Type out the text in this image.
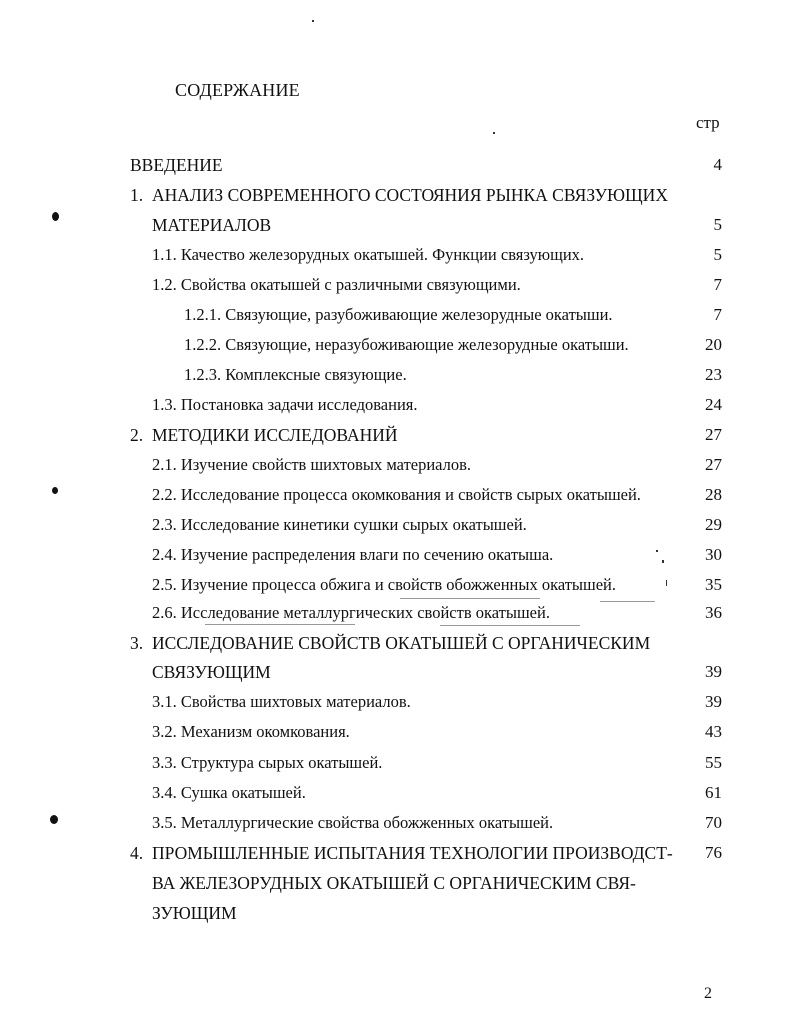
СОДЕРЖАНИЕ
стр
ВВЕДЕНИЕ	4
1. АНАЛИЗ СОВРЕМЕННОГО СОСТОЯНИЯ РЫНКА СВЯЗУЮЩИХ
МАТЕРИАЛОВ	5
1.1. Качество железорудных окатышей. Функции связующих.	5
1.2. Свойства окатышей с различными связующими.	7
1.2.1. Связующие, разубоживающие железорудные окатыши.	7
1.2.2. Связующие, неразубоживающие железорудные окатыши.	20
1.2.3. Комплексные связующие.	23
1.3. Постановка задачи исследования.	24
2. МЕТОДИКИ ИССЛЕДОВАНИЙ	27
2.1. Изучение свойств шихтовых материалов.	27
2.2. Исследование процесса окомкования и свойств сырых окатышей.	28
2.3. Исследование кинетики сушки сырых окатышей.	29
2.4. Изучение распределения влаги по сечению окатыша.	30
2.5. Изучение процесса обжига и свойств обожженных окатышей.	35
2.6. Исследование металлургических свойств окатышей.	36
3. ИССЛЕДОВАНИЕ СВОЙСТВ ОКАТЫШЕЙ С ОРГАНИЧЕСКИМ
СВЯЗУЮЩИМ	39
3.1. Свойства шихтовых материалов.	39
3.2. Механизм окомкования.	43
3.3. Структура сырых окатышей.	55
3.4. Сушка окатышей.	61
3.5. Металлургические свойства обожженных окатышей.	70
4. ПРОМЫШЛЕННЫЕ ИСПЫТАНИЯ ТЕХНОЛОГИИ ПРОИЗВОДСТ-	76
ВА ЖЕЛЕЗОРУДНЫХ ОКАТЫШЕЙ С ОРГАНИЧЕСКИМ СВЯ-
ЗУЮЩИМ
2
